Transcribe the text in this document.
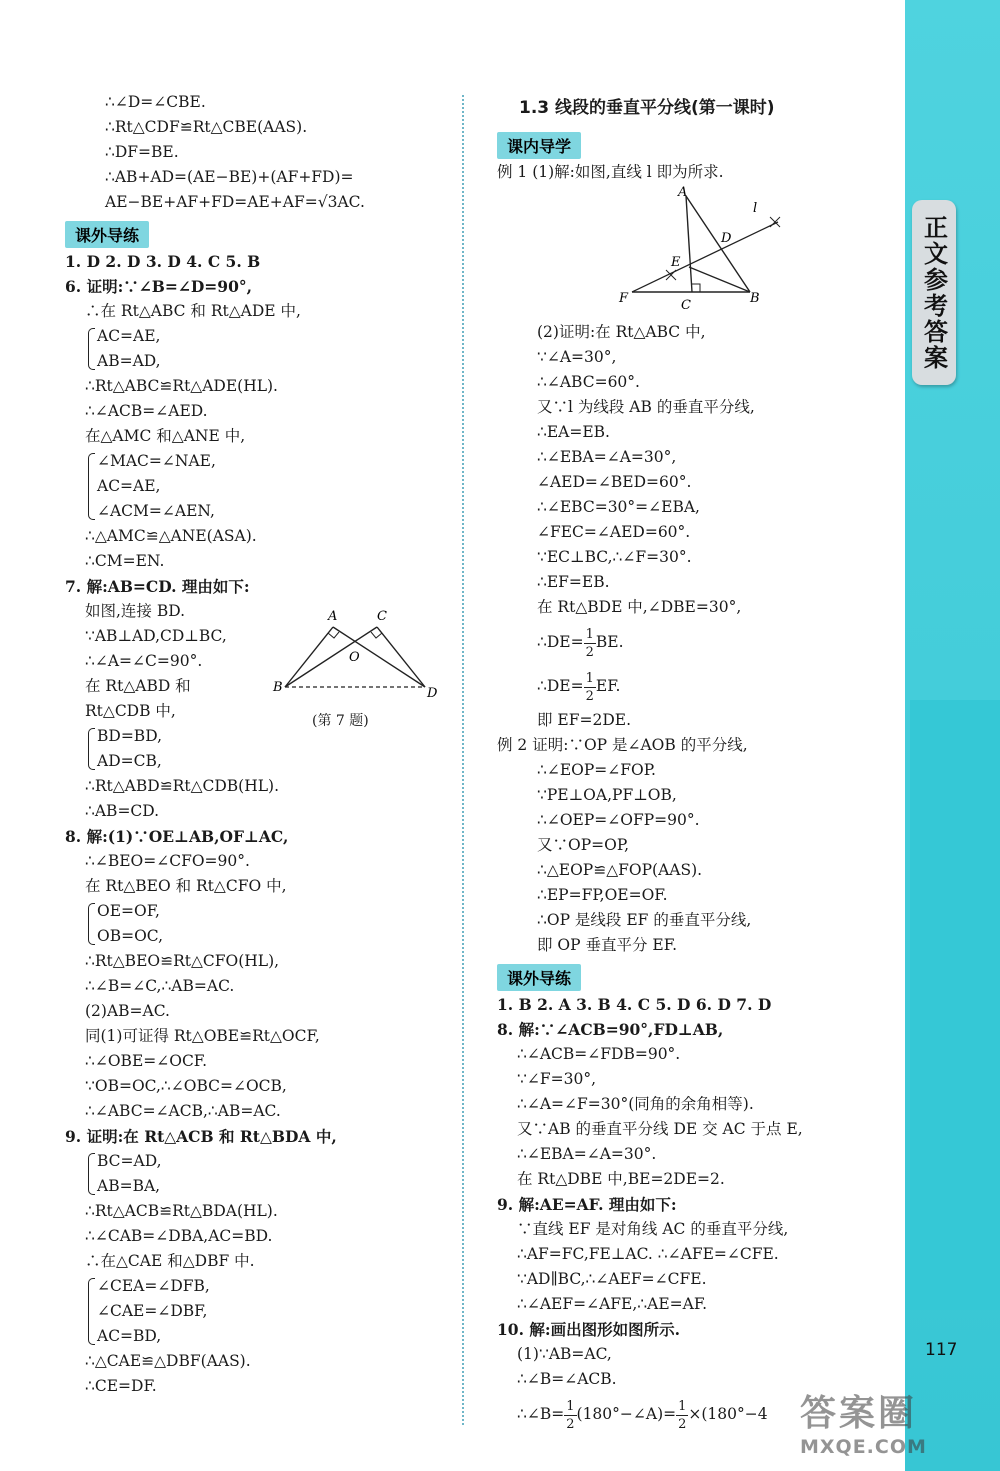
正文参考答案
∴∠D=∠CBE.
∴Rt△CDF≌Rt△CBE(AAS).
∴DF=BE.
∴AB+AD=(AE−BE)+(AF+FD)=
AE−BE+AF+FD=AE+AF=√3AC.
课外导练
1. D 2. D 3. D 4. C 5. B
6. 证明:∵∠B=∠D=90°,
∴在 Rt△ABC 和 Rt△ADE 中,
AC=AE,
AB=AD,
∴Rt△ABC≌Rt△ADE(HL).
∴∠ACB=∠AED.
在△AMC 和△ANE 中,
∠MAC=∠NAE,
AC=AE,
∠ACM=∠AEN,
∴△AMC≌△ANE(ASA).
∴CM=EN.
7. 解:AB=CD. 理由如下:
如图,连接 BD.
∵AB⊥AD,CD⊥BC,
∴∠A=∠C=90°.
在 Rt△ABD 和
Rt△CDB 中,
BD=BD,
AD=CB,
∴Rt△ABD≌Rt△CDB(HL).
∴AB=CD.
8. 解:(1)∵OE⊥AB,OF⊥AC,
∴∠BEO=∠CFO=90°.
在 Rt△BEO 和 Rt△CFO 中,
OE=OF,
OB=OC,
∴Rt△BEO≌Rt△CFO(HL),
∴∠B=∠C,∴AB=AC.
(2)AB=AC.
同(1)可证得 Rt△OBE≌Rt△OCF,
∴∠OBE=∠OCF.
∵OB=OC,∴∠OBC=∠OCB,
∴∠ABC=∠ACB,∴AB=AC.
9. 证明:在 Rt△ACB 和 Rt△BDA 中,
BC=AD,
AB=BA,
∴Rt△ACB≌Rt△BDA(HL).
∴∠CAB=∠DBA,AC=BD.
∴在△CAE 和△DBF 中.
∠CEA=∠DFB,
∠CAE=∠DBF,
AC=BD,
∴△CAE≌△DBF(AAS).
∴CE=DF.
A	C
O
B	D
(第 7 题)
1.3 线段的垂直平分线(第一课时)
课内导学
例 1 (1)解:如图,直线 l 即为所求.
(2)证明:在 Rt△ABC 中,
∵∠A=30°,
∴∠ABC=60°.
又∵l 为线段 AB 的垂直平分线,
∴EA=EB.
∴∠EBA=∠A=30°,
∠AED=∠BED=60°.
∴∠EBC=30°=∠EBA,
∠FEC=∠AED=60°.
∵EC⊥BC,∴∠F=30°.
∴EF=EB.
在 Rt△BDE 中,∠DBE=30°,
∴DE= $\frac{1}{2}$ BE.
∴DE= $\frac{1}{2}$ EF.
即 EF=2DE.
例 2 证明:∵OP 是∠AOB 的平分线,
∴∠EOP=∠FOP.
∵PE⊥OA,PF⊥OB,
∴∠OEP=∠OFP=90°.
又∵OP=OP,
∴△EOP≌△FOP(AAS).
∴EP=FP,OE=OF.
∴OP 是线段 EF 的垂直平分线,
即 OP 垂直平分 EF.
课外导练
1. B 2. A 3. B 4. C 5. D 6. D 7. D
8. 解:∵∠ACB=90°,FD⊥AB,
∴∠ACB=∠FDB=90°.
∵∠F=30°,
∴∠A=∠F=30°(同角的余角相等).
又∵AB 的垂直平分线 DE 交 AC 于点 E,
∴∠EBA=∠A=30°.
在 Rt△DBE 中,BE=2DE=2.
9. 解:AE=AF. 理由如下:
∵直线 EF 是对角线 AC 的垂直平分线,
∴AF=FC,FE⊥AC. ∴∠AFE=∠CFE.
∵AD∥BC,∴∠AEF=∠CFE.
∴∠AEF=∠AFE,∴AE=AF.
10. 解:画出图形如图所示.
(1)∵AB=AC,
∴∠B=∠ACB.
∴∠B= $\frac{1}{2}$ (180°−∠A)= $\frac{1}{2} \times(180^\circ-4$
A
l
D
E
F	C	B
117
答案圈
MXQE.COM
